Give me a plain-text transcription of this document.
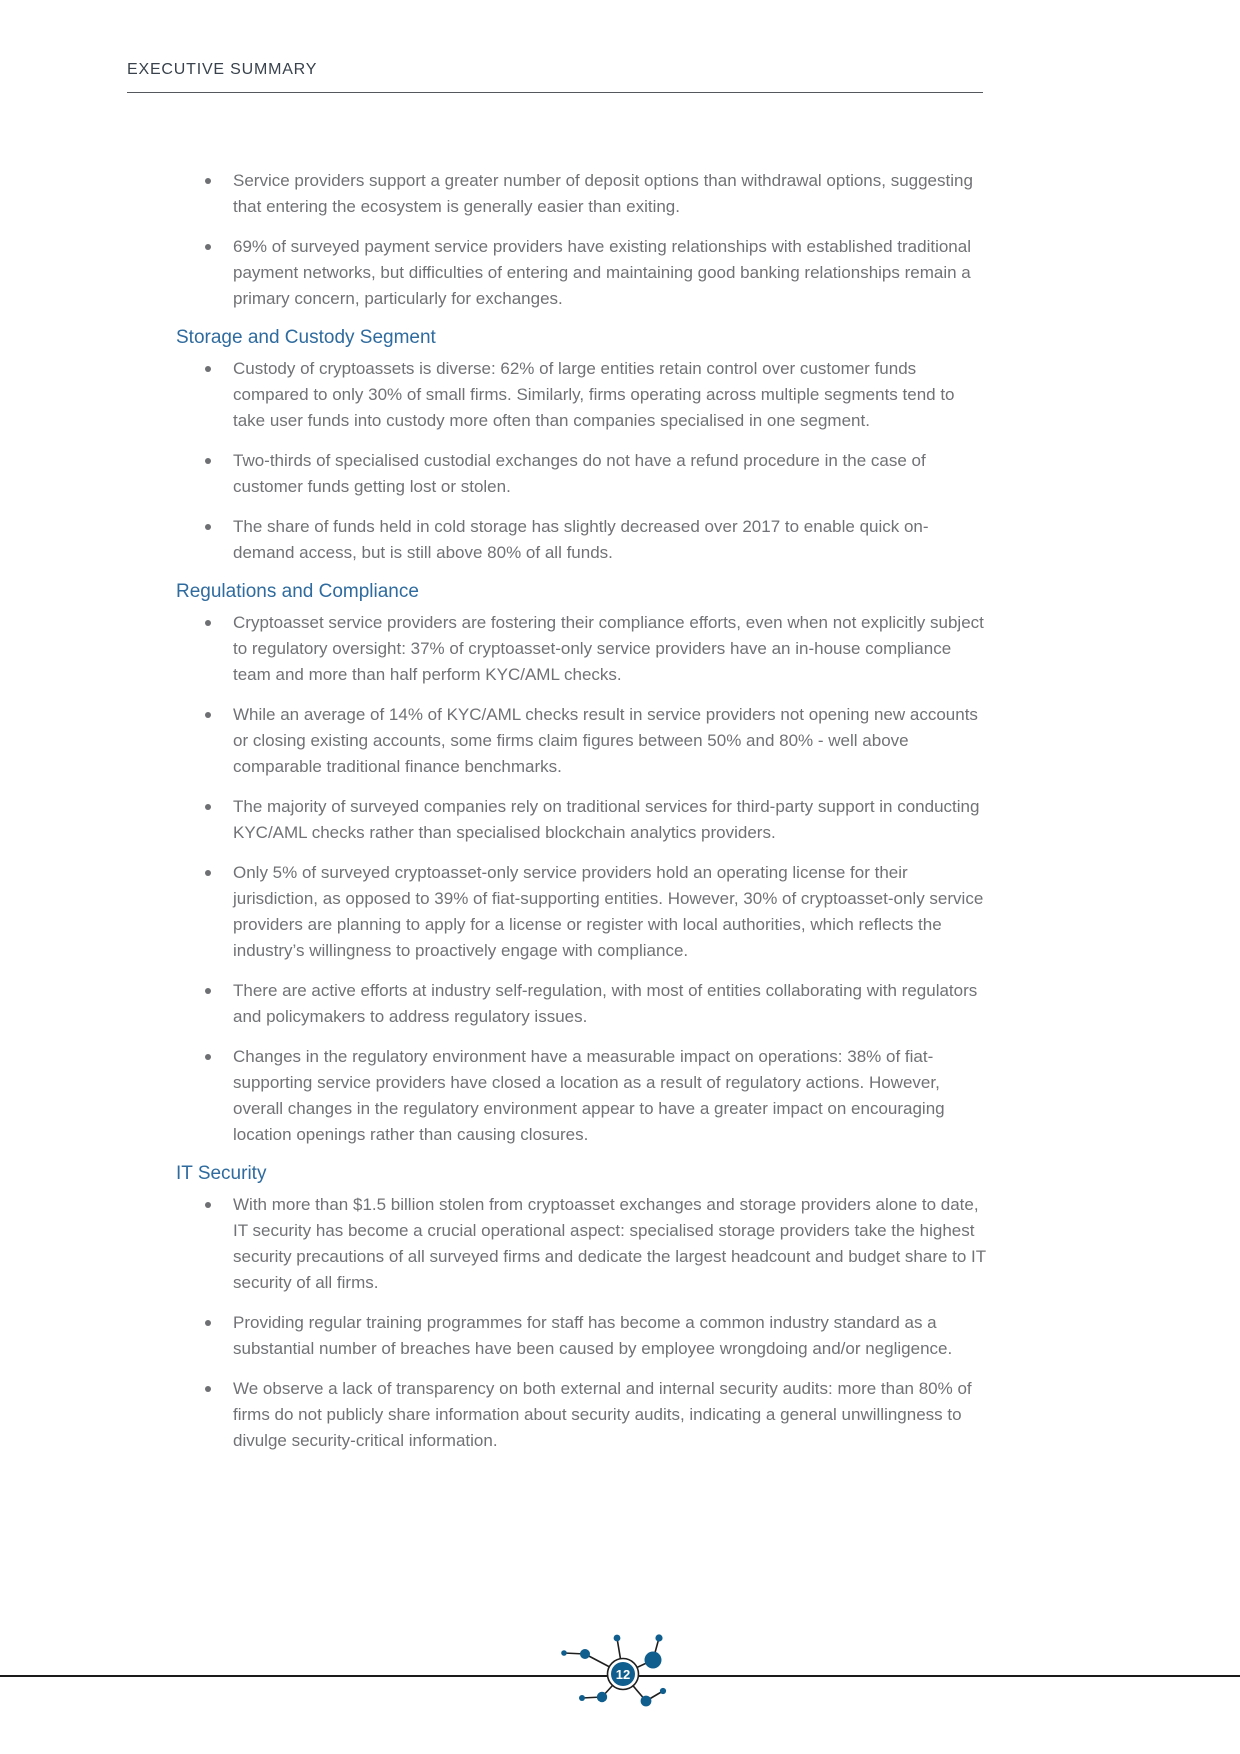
EXECUTIVE SUMMARY

Service providers support a greater number of deposit options than withdrawal options, suggesting that entering the ecosystem is generally easier than exiting.

69% of surveyed payment service providers have existing relationships with established traditional payment networks, but difficulties of entering and maintaining good banking relationships remain a primary concern, particularly for exchanges.

Storage and Custody Segment

Custody of cryptoassets is diverse: 62% of large entities retain control over customer funds compared to only 30% of small firms. Similarly, firms operating across multiple segments tend to take user funds into custody more often than companies specialised in one segment.

Two-thirds of specialised custodial exchanges do not have a refund procedure in the case of customer funds getting lost or stolen.

The share of funds held in cold storage has slightly decreased over 2017 to enable quick on-demand access, but is still above 80% of all funds.

Regulations and Compliance

Cryptoasset service providers are fostering their compliance efforts, even when not explicitly subject to regulatory oversight: 37% of cryptoasset-only service providers have an in-house compliance team and more than half perform KYC/AML checks.

While an average of 14% of KYC/AML checks result in service providers not opening new accounts or closing existing accounts, some firms claim figures between 50% and 80% - well above comparable traditional finance benchmarks.

The majority of surveyed companies rely on traditional services for third-party support in conducting KYC/AML checks rather than specialised blockchain analytics providers.

Only 5% of surveyed cryptoasset-only service providers hold an operating license for their jurisdiction, as opposed to 39% of fiat-supporting entities. However, 30% of cryptoasset-only service providers are planning to apply for a license or register with local authorities, which reflects the industry’s willingness to proactively engage with compliance.

There are active efforts at industry self-regulation, with most of entities collaborating with regulators and policymakers to address regulatory issues.

Changes in the regulatory environment have a measurable impact on operations: 38% of fiat-supporting service providers have closed a location as a result of regulatory actions. However, overall changes in the regulatory environment appear to have a greater impact on encouraging location openings rather than causing closures.

IT Security

With more than $1.5 billion stolen from cryptoasset exchanges and storage providers alone to date, IT security has become a crucial operational aspect: specialised storage providers take the highest security precautions of all surveyed firms and dedicate the largest headcount and budget share to IT security of all firms.

Providing regular training programmes for staff has become a common industry standard as a substantial number of breaches have been caused by employee wrongdoing and/or negligence.

We observe a lack of transparency on both external and internal security audits: more than 80% of firms do not publicly share information about security audits, indicating a general unwillingness to divulge security-critical information.

12
